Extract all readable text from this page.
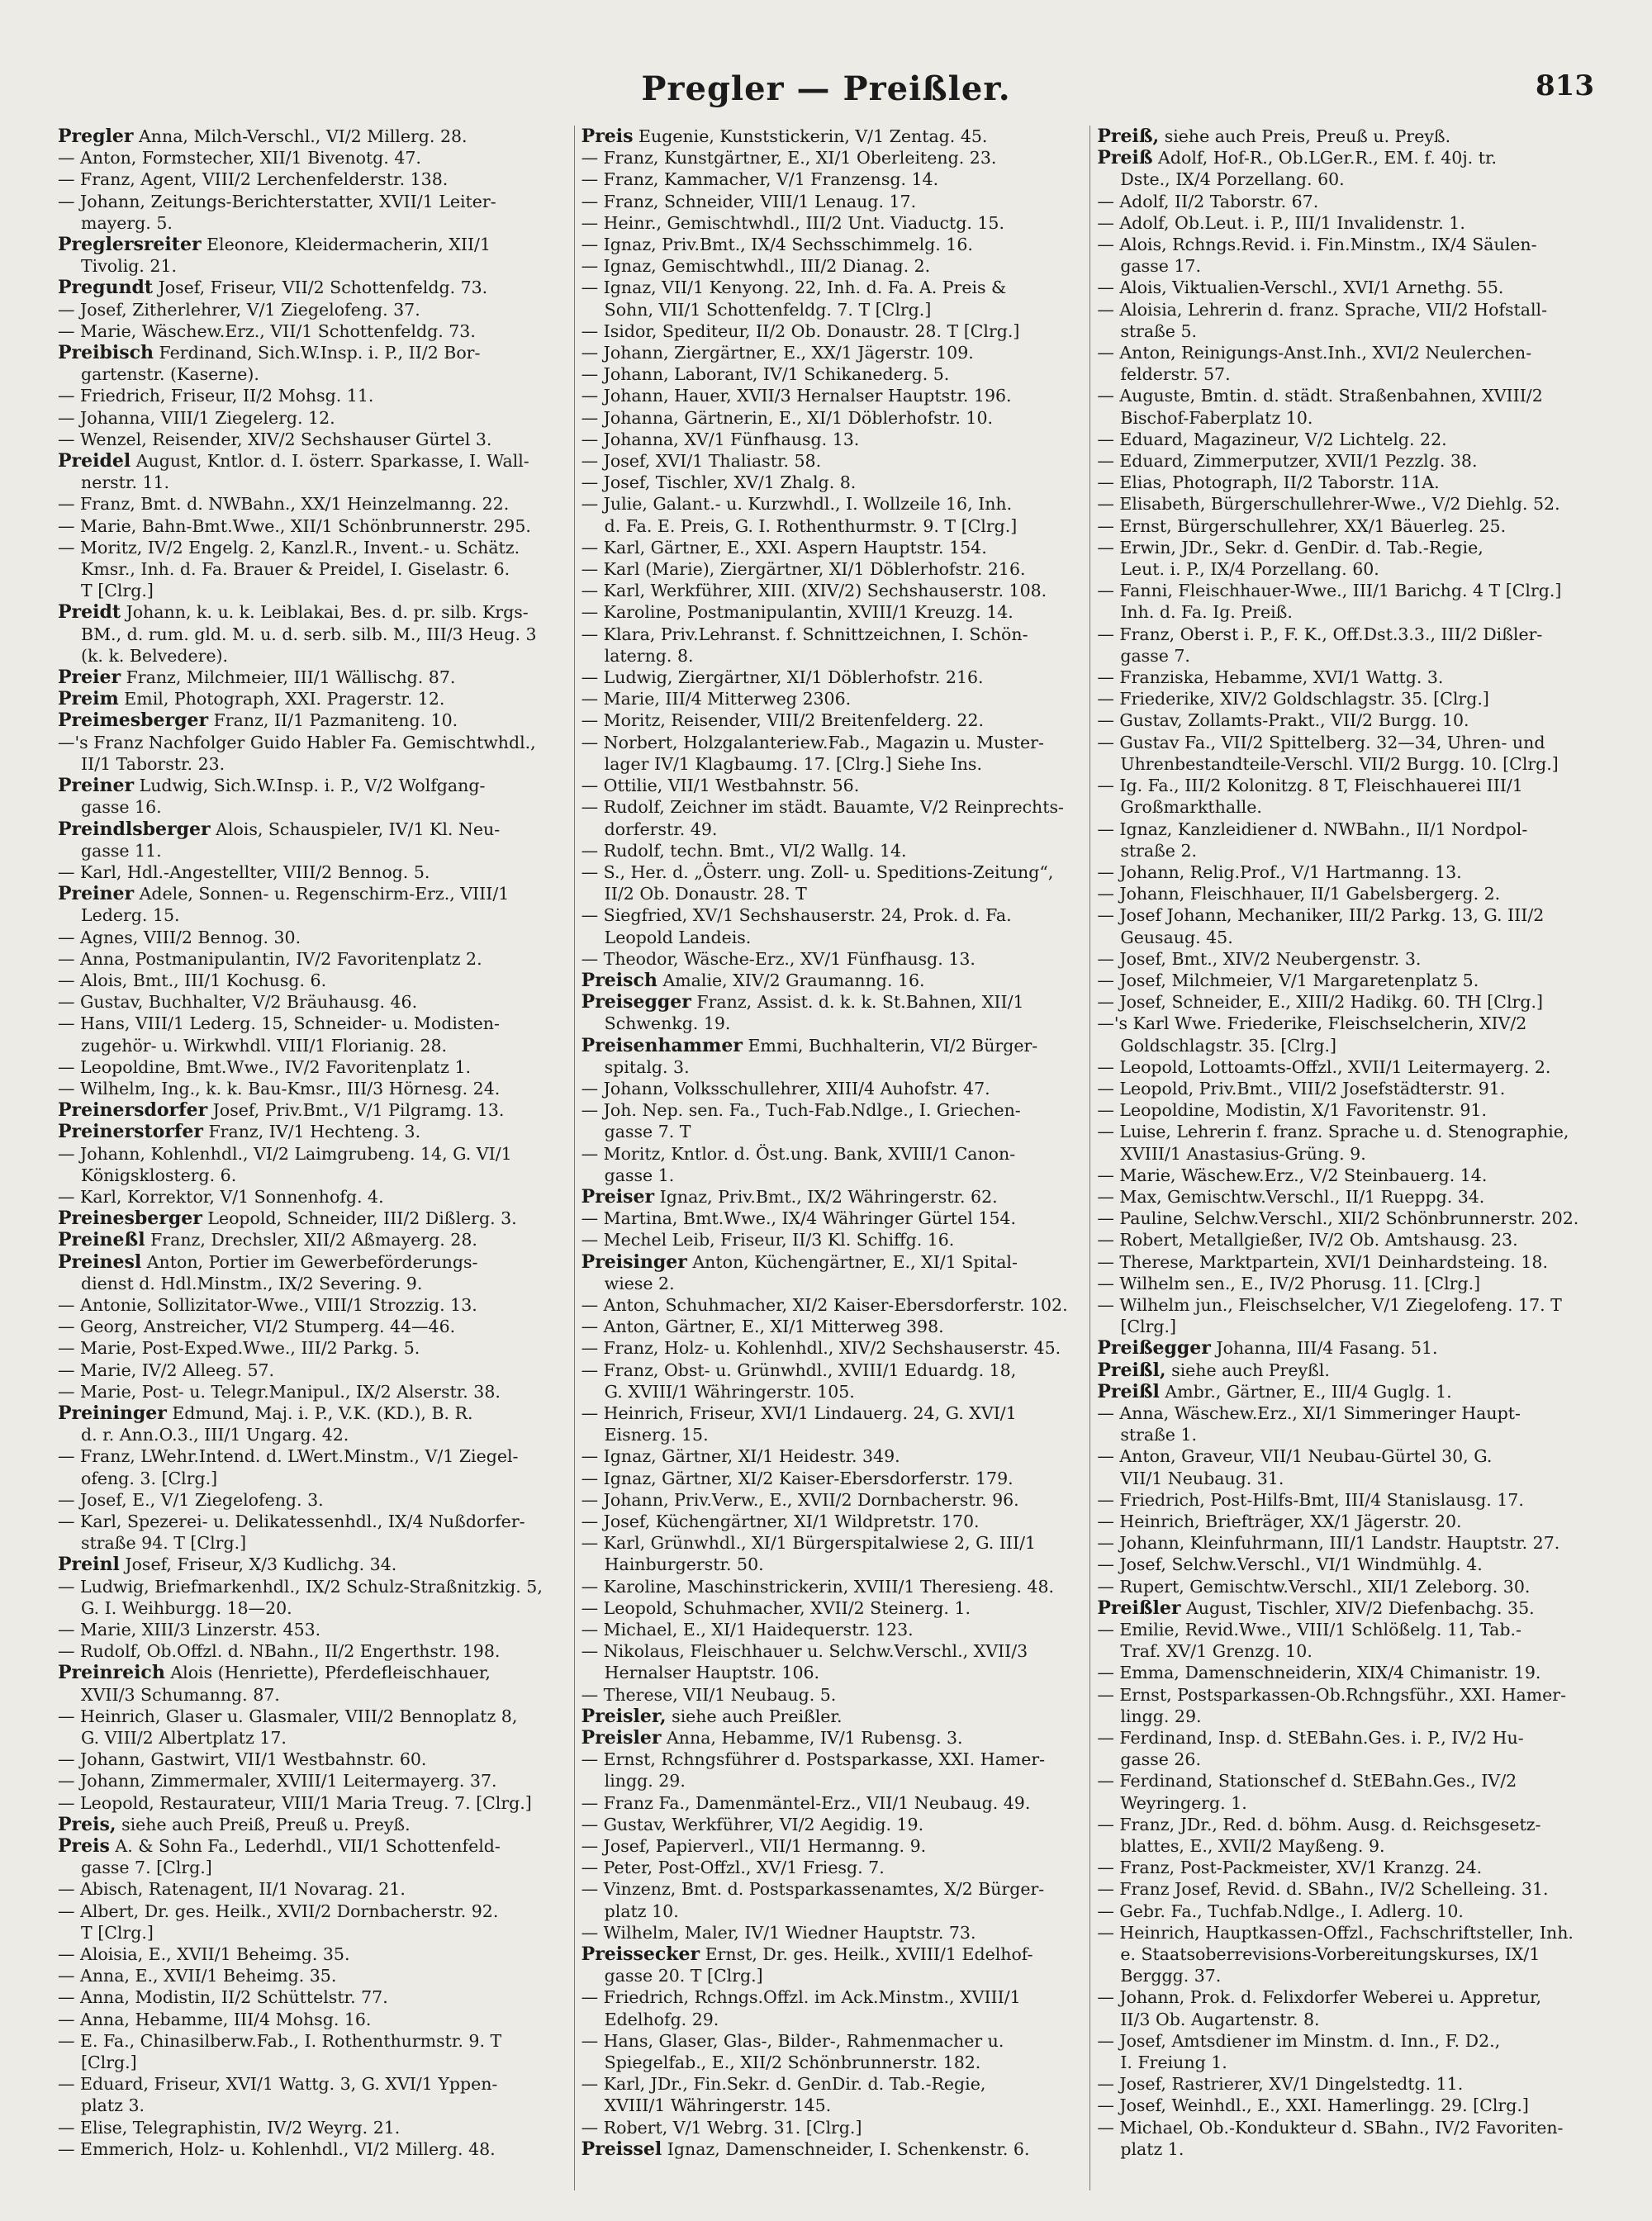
Pregler — Preißler.	813
Pregler Anna, Milch-Verschl., VI/2 Millerg. 28.
— Anton, Formstecher, XII/1 Bivenotg. 47.
— Franz, Agent, VIII/2 Lerchenfelderstr. 138.
— Johann, Zeitungs-Berichterstatter, XVII/1 Leiter-
mayerg. 5.
Preglersreiter Eleonore, Kleidermacherin, XII/1
Tivolig. 21.
Pregundt Josef, Friseur, VII/2 Schottenfeldg. 73.
— Josef, Zitherlehrer, V/1 Ziegelofeng. 37.
— Marie, Wäschew.Erz., VII/1 Schottenfeldg. 73.
Preibisch Ferdinand, Sich.W.Insp. i. P., II/2 Bor-
gartenstr. (Kaserne).
— Friedrich, Friseur, II/2 Mohsg. 11.
— Johanna, VIII/1 Ziegelerg. 12.
— Wenzel, Reisender, XIV/2 Sechshauser Gürtel 3.
Preidel August, Kntlor. d. I. österr. Sparkasse, I. Wall-
nerstr. 11.
— Franz, Bmt. d. NWBahn., XX/1 Heinzelmanng. 22.
— Marie, Bahn-Bmt.Wwe., XII/1 Schönbrunnerstr. 295.
— Moritz, IV/2 Engelg. 2, Kanzl.R., Invent.- u. Schätz.
Kmsr., Inh. d. Fa. Brauer & Preidel, I. Giselastr. 6.
T [Clrg.]
Preidt Johann, k. u. k. Leiblakai, Bes. d. pr. silb. Krgs-
BM., d. rum. gld. M. u. d. serb. silb. M., III/3 Heug. 3
(k. k. Belvedere).
Preier Franz, Milchmeier, III/1 Wällischg. 87.
Preim Emil, Photograph, XXI. Pragerstr. 12.
Preimesberger Franz, II/1 Pazmaniteng. 10.
—'s Franz Nachfolger Guido Habler Fa. Gemischtwhdl.,
II/1 Taborstr. 23.
Preiner Ludwig, Sich.W.Insp. i. P., V/2 Wolfgang-
gasse 16.
Preindlsberger Alois, Schauspieler, IV/1 Kl. Neu-
gasse 11.
— Karl, Hdl.-Angestellter, VIII/2 Bennog. 5.
Preiner Adele, Sonnen- u. Regenschirm-Erz., VIII/1
Lederg. 15.
— Agnes, VIII/2 Bennog. 30.
— Anna, Postmanipulantin, IV/2 Favoritenplatz 2.
— Alois, Bmt., III/1 Kochusg. 6.
— Gustav, Buchhalter, V/2 Bräuhausg. 46.
— Hans, VIII/1 Lederg. 15, Schneider- u. Modisten-
zugehör- u. Wirkwhdl. VIII/1 Florianig. 28.
— Leopoldine, Bmt.Wwe., IV/2 Favoritenplatz 1.
— Wilhelm, Ing., k. k. Bau-Kmsr., III/3 Hörnesg. 24.
Preinersdorfer Josef, Priv.Bmt., V/1 Pilgramg. 13.
Preinerstorfer Franz, IV/1 Hechteng. 3.
— Johann, Kohlenhdl., VI/2 Laimgrubeng. 14, G. VI/1
Königsklosterg. 6.
— Karl, Korrektor, V/1 Sonnenhofg. 4.
Preinesberger Leopold, Schneider, III/2 Dißlerg. 3.
Preineßl Franz, Drechsler, XII/2 Aßmayerg. 28.
Preinesl Anton, Portier im Gewerbeförderungs-
dienst d. Hdl.Minstm., IX/2 Severing. 9.
— Antonie, Sollizitator-Wwe., VIII/1 Strozzig. 13.
— Georg, Anstreicher, VI/2 Stumperg. 44—46.
— Marie, Post-Exped.Wwe., III/2 Parkg. 5.
— Marie, IV/2 Alleeg. 57.
— Marie, Post- u. Telegr.Manipul., IX/2 Alserstr. 38.
Preininger Edmund, Maj. i. P., V.K. (KD.), B. R.
d. r. Ann.O.3., III/1 Ungarg. 42.
— Franz, LWehr.Intend. d. LWert.Minstm., V/1 Ziegel-
ofeng. 3. [Clrg.]
— Josef, E., V/1 Ziegelofeng. 3.
— Karl, Spezerei- u. Delikatessenhdl., IX/4 Nußdorfer-
straße 94. T [Clrg.]
Preinl Josef, Friseur, X/3 Kudlichg. 34.
— Ludwig, Briefmarkenhdl., IX/2 Schulz-Straßnitzkig. 5,
G. I. Weihburgg. 18—20.
— Marie, XIII/3 Linzerstr. 453.
— Rudolf, Ob.Offzl. d. NBahn., II/2 Engerthstr. 198.
Preinreich Alois (Henriette), Pferdefleischhauer,
XVII/3 Schumanng. 87.
— Heinrich, Glaser u. Glasmaler, VIII/2 Bennoplatz 8,
G. VIII/2 Albertplatz 17.
— Johann, Gastwirt, VII/1 Westbahnstr. 60.
— Johann, Zimmermaler, XVIII/1 Leitermayerg. 37.
— Leopold, Restaurateur, VIII/1 Maria Treug. 7. [Clrg.]
Preis, siehe auch Preiß, Preuß u. Preyß.
Preis A. & Sohn Fa., Lederhdl., VII/1 Schottenfeld-
gasse 7. [Clrg.]
— Abisch, Ratenagent, II/1 Novarag. 21.
— Albert, Dr. ges. Heilk., XVII/2 Dornbacherstr. 92.
T [Clrg.]
— Aloisia, E., XVII/1 Beheimg. 35.
— Anna, E., XVII/1 Beheimg. 35.
— Anna, Modistin, II/2 Schüttelstr. 77.
— Anna, Hebamme, III/4 Mohsg. 16.
— E. Fa., Chinasilberw.Fab., I. Rothenthurmstr. 9. T
[Clrg.]
— Eduard, Friseur, XVI/1 Wattg. 3, G. XVI/1 Yppen-
platz 3.
— Elise, Telegraphistin, IV/2 Weyrg. 21.
— Emmerich, Holz- u. Kohlenhdl., VI/2 Millerg. 48.
Preis Eugenie, Kunststickerin, V/1 Zentag. 45.
— Franz, Kunstgärtner, E., XI/1 Oberleiteng. 23.
— Franz, Kammacher, V/1 Franzensg. 14.
— Franz, Schneider, VIII/1 Lenaug. 17.
— Heinr., Gemischtwhdl., III/2 Unt. Viaductg. 15.
— Ignaz, Priv.Bmt., IX/4 Sechsschimmelg. 16.
— Ignaz, Gemischtwhdl., III/2 Dianag. 2.
— Ignaz, VII/1 Kenyong. 22, Inh. d. Fa. A. Preis &
Sohn, VII/1 Schottenfeldg. 7. T [Clrg.]
— Isidor, Spediteur, II/2 Ob. Donaustr. 28. T [Clrg.]
— Johann, Ziergärtner, E., XX/1 Jägerstr. 109.
— Johann, Laborant, IV/1 Schikanederg. 5.
— Johann, Hauer, XVII/3 Hernalser Hauptstr. 196.
— Johanna, Gärtnerin, E., XI/1 Döblerhofstr. 10.
— Johanna, XV/1 Fünfhausg. 13.
— Josef, XVI/1 Thaliastr. 58.
— Josef, Tischler, XV/1 Zhalg. 8.
— Julie, Galant.- u. Kurzwhdl., I. Wollzeile 16, Inh.
d. Fa. E. Preis, G. I. Rothenthurmstr. 9. T [Clrg.]
— Karl, Gärtner, E., XXI. Aspern Hauptstr. 154.
— Karl (Marie), Ziergärtner, XI/1 Döblerhofstr. 216.
— Karl, Werkführer, XIII. (XIV/2) Sechshauserstr. 108.
— Karoline, Postmanipulantin, XVIII/1 Kreuzg. 14.
— Klara, Priv.Lehranst. f. Schnittzeichnen, I. Schön-
laterng. 8.
— Ludwig, Ziergärtner, XI/1 Döblerhofstr. 216.
— Marie, III/4 Mitterweg 2306.
— Moritz, Reisender, VIII/2 Breitenfelderg. 22.
— Norbert, Holzgalanteriew.Fab., Magazin u. Muster-
lager IV/1 Klagbaumg. 17. [Clrg.] Siehe Ins.
— Ottilie, VII/1 Westbahnstr. 56.
— Rudolf, Zeichner im städt. Bauamte, V/2 Reinprechts-
dorferstr. 49.
— Rudolf, techn. Bmt., VI/2 Wallg. 14.
— S., Her. d. „Österr. ung. Zoll- u. Speditions-Zeitung“,
II/2 Ob. Donaustr. 28. T
— Siegfried, XV/1 Sechshauserstr. 24, Prok. d. Fa.
Leopold Landeis.
— Theodor, Wäsche-Erz., XV/1 Fünfhausg. 13.
Preisch Amalie, XIV/2 Graumanng. 16.
Preisegger Franz, Assist. d. k. k. St.Bahnen, XII/1
Schwenkg. 19.
Preisenhammer Emmi, Buchhalterin, VI/2 Bürger-
spitalg. 3.
— Johann, Volksschullehrer, XIII/4 Auhofstr. 47.
— Joh. Nep. sen. Fa., Tuch-Fab.Ndlge., I. Griechen-
gasse 7. T
— Moritz, Kntlor. d. Öst.ung. Bank, XVIII/1 Canon-
gasse 1.
Preiser Ignaz, Priv.Bmt., IX/2 Währingerstr. 62.
— Martina, Bmt.Wwe., IX/4 Währinger Gürtel 154.
— Mechel Leib, Friseur, II/3 Kl. Schiffg. 16.
Preisinger Anton, Küchengärtner, E., XI/1 Spital-
wiese 2.
— Anton, Schuhmacher, XI/2 Kaiser-Ebersdorferstr. 102.
— Anton, Gärtner, E., XI/1 Mitterweg 398.
— Franz, Holz- u. Kohlenhdl., XIV/2 Sechshauserstr. 45.
— Franz, Obst- u. Grünwhdl., XVIII/1 Eduardg. 18,
G. XVIII/1 Währingerstr. 105.
— Heinrich, Friseur, XVI/1 Lindauerg. 24, G. XVI/1
Eisnerg. 15.
— Ignaz, Gärtner, XI/1 Heidestr. 349.
— Ignaz, Gärtner, XI/2 Kaiser-Ebersdorferstr. 179.
— Johann, Priv.Verw., E., XVII/2 Dornbacherstr. 96.
— Josef, Küchengärtner, XI/1 Wildpretstr. 170.
— Karl, Grünwhdl., XI/1 Bürgerspitalwiese 2, G. III/1
Hainburgerstr. 50.
— Karoline, Maschinstrickerin, XVIII/1 Theresieng. 48.
— Leopold, Schuhmacher, XVII/2 Steinerg. 1.
— Michael, E., XI/1 Haidequerstr. 123.
— Nikolaus, Fleischhauer u. Selchw.Verschl., XVII/3
Hernalser Hauptstr. 106.
— Therese, VII/1 Neubaug. 5.
Preisler, siehe auch Preißler.
Preisler Anna, Hebamme, IV/1 Rubensg. 3.
— Ernst, Rchngsführer d. Postsparkasse, XXI. Hamer-
lingg. 29.
— Franz Fa., Damenmäntel-Erz., VII/1 Neubaug. 49.
— Gustav, Werkführer, VI/2 Aegidig. 19.
— Josef, Papierverl., VII/1 Hermanng. 9.
— Peter, Post-Offzl., XV/1 Friesg. 7.
— Vinzenz, Bmt. d. Postsparkassenamtes, X/2 Bürger-
platz 10.
— Wilhelm, Maler, IV/1 Wiedner Hauptstr. 73.
Preissecker Ernst, Dr. ges. Heilk., XVIII/1 Edelhof-
gasse 20. T [Clrg.]
— Friedrich, Rchngs.Offzl. im Ack.Minstm., XVIII/1
Edelhofg. 29.
— Hans, Glaser, Glas-, Bilder-, Rahmenmacher u.
Spiegelfab., E., XII/2 Schönbrunnerstr. 182.
— Karl, JDr., Fin.Sekr. d. GenDir. d. Tab.-Regie,
XVIII/1 Währingerstr. 145.
— Robert, V/1 Webrg. 31. [Clrg.]
Preissel Ignaz, Damenschneider, I. Schenkenstr. 6.
Preiß, siehe auch Preis, Preuß u. Preyß.
Preiß Adolf, Hof-R., Ob.LGer.R., EM. f. 40j. tr.
Dste., IX/4 Porzellang. 60.
— Adolf, II/2 Taborstr. 67.
— Adolf, Ob.Leut. i. P., III/1 Invalidenstr. 1.
— Alois, Rchngs.Revid. i. Fin.Minstm., IX/4 Säulen-
gasse 17.
— Alois, Viktualien-Verschl., XVI/1 Arnethg. 55.
— Aloisia, Lehrerin d. franz. Sprache, VII/2 Hofstall-
straße 5.
— Anton, Reinigungs-Anst.Inh., XVI/2 Neulerchen-
felderstr. 57.
— Auguste, Bmtin. d. städt. Straßenbahnen, XVIII/2
Bischof-Faberplatz 10.
— Eduard, Magazineur, V/2 Lichtelg. 22.
— Eduard, Zimmerputzer, XVII/1 Pezzlg. 38.
— Elias, Photograph, II/2 Taborstr. 11A.
— Elisabeth, Bürgerschullehrer-Wwe., V/2 Diehlg. 52.
— Ernst, Bürgerschullehrer, XX/1 Bäuerleg. 25.
— Erwin, JDr., Sekr. d. GenDir. d. Tab.-Regie,
Leut. i. P., IX/4 Porzellang. 60.
— Fanni, Fleischhauer-Wwe., III/1 Barichg. 4 T [Clrg.]
Inh. d. Fa. Ig. Preiß.
— Franz, Oberst i. P., F. K., Off.Dst.3.3., III/2 Dißler-
gasse 7.
— Franziska, Hebamme, XVI/1 Wattg. 3.
— Friederike, XIV/2 Goldschlagstr. 35. [Clrg.]
— Gustav, Zollamts-Prakt., VII/2 Burgg. 10.
— Gustav Fa., VII/2 Spittelberg. 32—34, Uhren- und
Uhrenbestandteile-Verschl. VII/2 Burgg. 10. [Clrg.]
— Ig. Fa., III/2 Kolonitzg. 8 T, Fleischhauerei III/1
Großmarkthalle.
— Ignaz, Kanzleidiener d. NWBahn., II/1 Nordpol-
straße 2.
— Johann, Relig.Prof., V/1 Hartmanng. 13.
— Johann, Fleischhauer, II/1 Gabelsbergerg. 2.
— Josef Johann, Mechaniker, III/2 Parkg. 13, G. III/2
Geusaug. 45.
— Josef, Bmt., XIV/2 Neubergenstr. 3.
— Josef, Milchmeier, V/1 Margaretenplatz 5.
— Josef, Schneider, E., XIII/2 Hadikg. 60. TH [Clrg.]
—'s Karl Wwe. Friederike, Fleischselcherin, XIV/2
Goldschlagstr. 35. [Clrg.]
— Leopold, Lottoamts-Offzl., XVII/1 Leitermayerg. 2.
— Leopold, Priv.Bmt., VIII/2 Josefstädterstr. 91.
— Leopoldine, Modistin, X/1 Favoritenstr. 91.
— Luise, Lehrerin f. franz. Sprache u. d. Stenographie,
XVIII/1 Anastasius-Grüng. 9.
— Marie, Wäschew.Erz., V/2 Steinbauerg. 14.
— Max, Gemischtw.Verschl., II/1 Rueppg. 34.
— Pauline, Selchw.Verschl., XII/2 Schönbrunnerstr. 202.
— Robert, Metallgießer, IV/2 Ob. Amtshausg. 23.
— Therese, Marktpartein, XVI/1 Deinhardsteing. 18.
— Wilhelm sen., E., IV/2 Phorusg. 11. [Clrg.]
— Wilhelm jun., Fleischselcher, V/1 Ziegelofeng. 17. T
[Clrg.]
Preißegger Johanna, III/4 Fasang. 51.
Preißl, siehe auch Preyßl.
Preißl Ambr., Gärtner, E., III/4 Guglg. 1.
— Anna, Wäschew.Erz., XI/1 Simmeringer Haupt-
straße 1.
— Anton, Graveur, VII/1 Neubau-Gürtel 30, G.
VII/1 Neubaug. 31.
— Friedrich, Post-Hilfs-Bmt, III/4 Stanislausg. 17.
— Heinrich, Briefträger, XX/1 Jägerstr. 20.
— Johann, Kleinfuhrmann, III/1 Landstr. Hauptstr. 27.
— Josef, Selchw.Verschl., VI/1 Windmühlg. 4.
— Rupert, Gemischtw.Verschl., XII/1 Zeleborg. 30.
Preißler August, Tischler, XIV/2 Diefenbachg. 35.
— Emilie, Revid.Wwe., VIII/1 Schlößelg. 11, Tab.-
Traf. XV/1 Grenzg. 10.
— Emma, Damenschneiderin, XIX/4 Chimanistr. 19.
— Ernst, Postsparkassen-Ob.Rchngsführ., XXI. Hamer-
lingg. 29.
— Ferdinand, Insp. d. StEBahn.Ges. i. P., IV/2 Hu-
gasse 26.
— Ferdinand, Stationschef d. StEBahn.Ges., IV/2
Weyringerg. 1.
— Franz, JDr., Red. d. böhm. Ausg. d. Reichsgesetz-
blattes, E., XVII/2 Mayßeng. 9.
— Franz, Post-Packmeister, XV/1 Kranzg. 24.
— Franz Josef, Revid. d. SBahn., IV/2 Schelleing. 31.
— Gebr. Fa., Tuchfab.Ndlge., I. Adlerg. 10.
— Heinrich, Hauptkassen-Offzl., Fachschriftsteller, Inh.
e. Staatsoberrevisions-Vorbereitungskurses, IX/1
Berggg. 37.
— Johann, Prok. d. Felixdorfer Weberei u. Appretur,
II/3 Ob. Augartenstr. 8.
— Josef, Amtsdiener im Minstm. d. Inn., F. D2.,
I. Freiung 1.
— Josef, Rastrierer, XV/1 Dingelstedtg. 11.
— Josef, Weinhdl., E., XXI. Hamerlingg. 29. [Clrg.]
— Michael, Ob.-Kondukteur d. SBahn., IV/2 Favoriten-
platz 1.
